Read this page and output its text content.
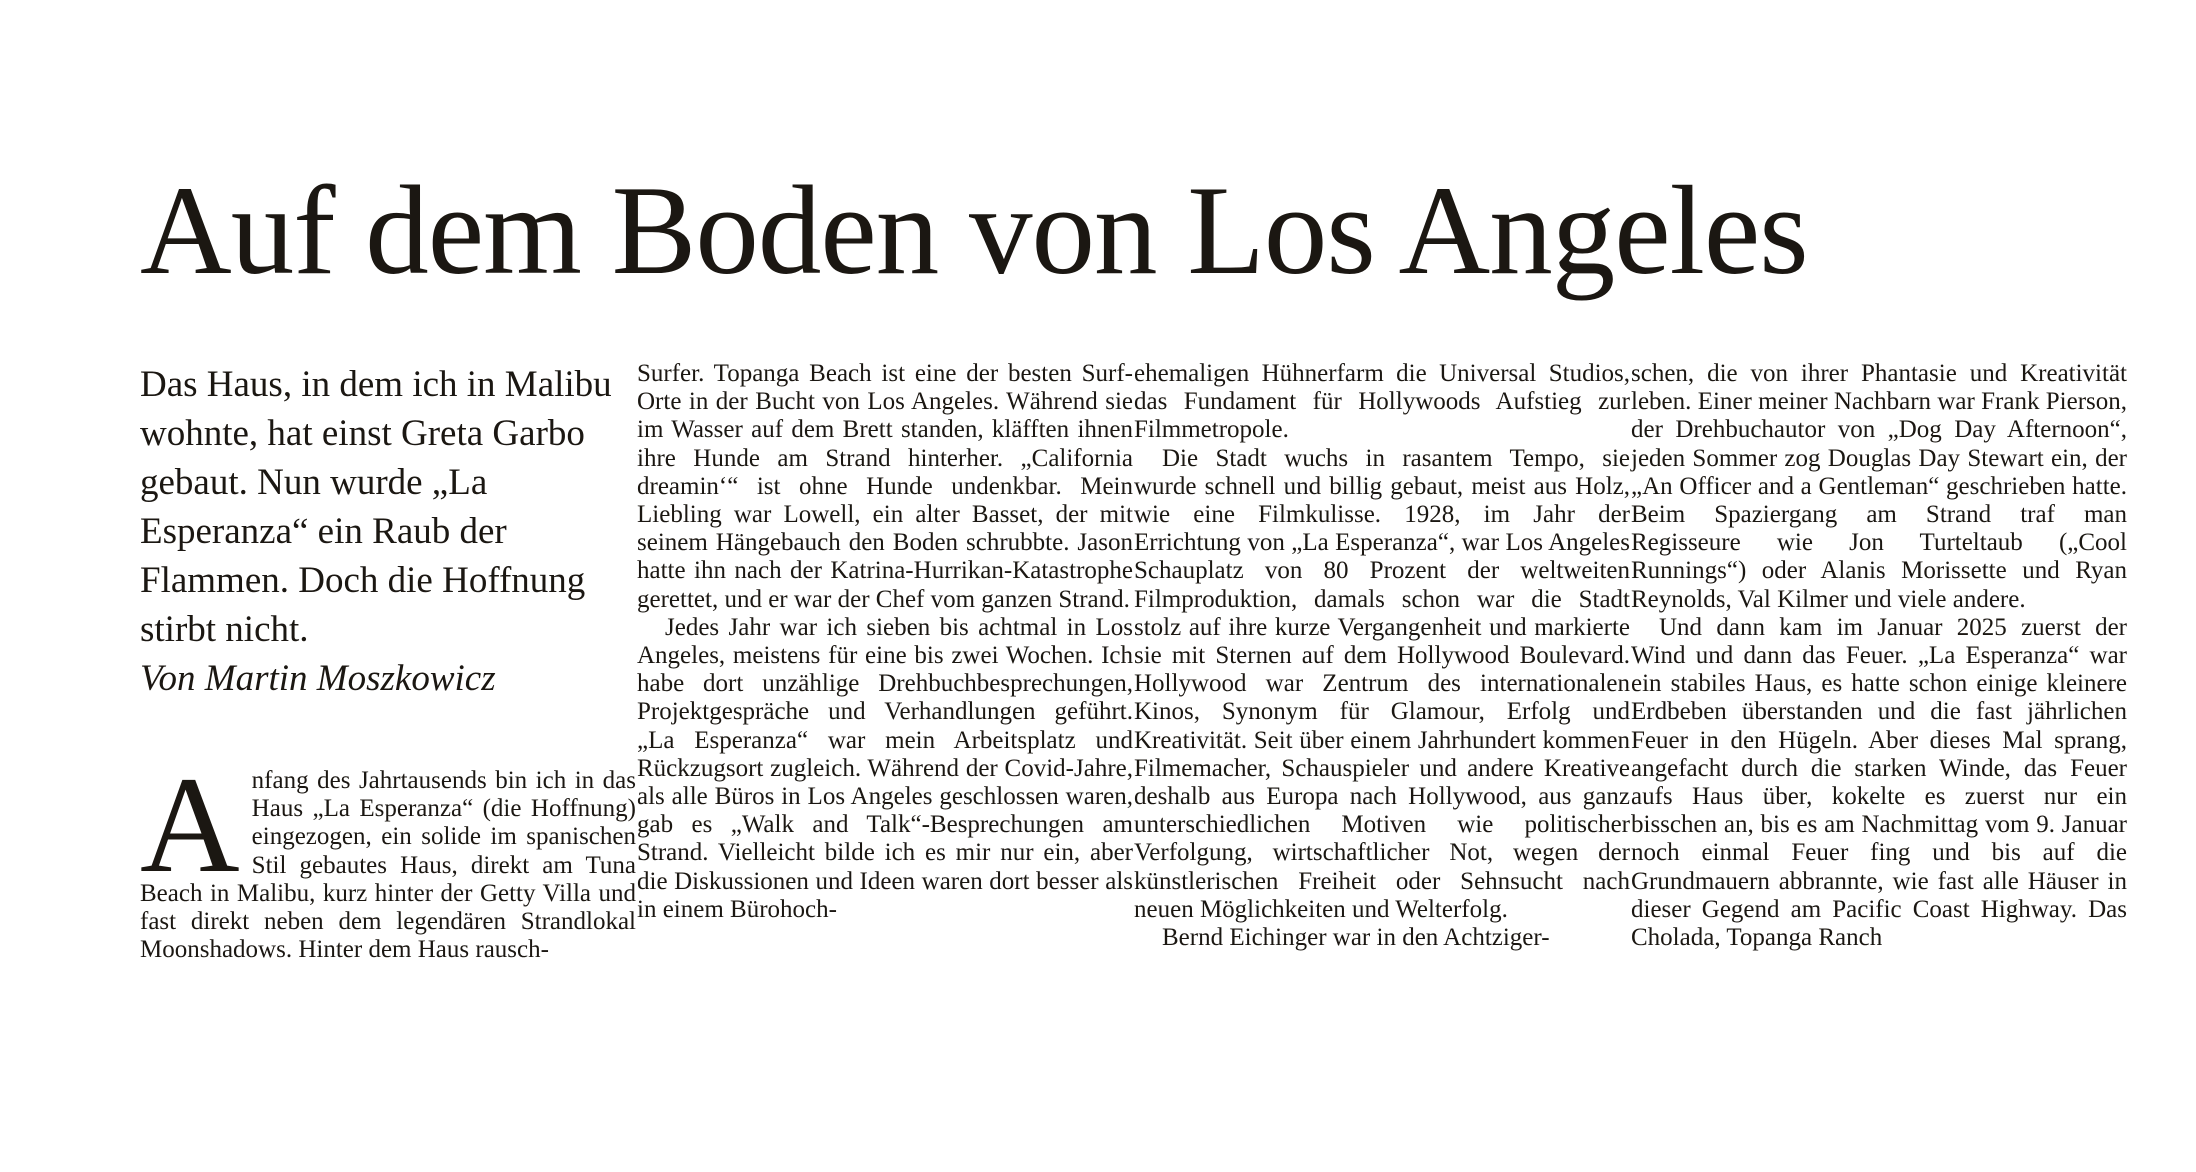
Auf dem Boden von Los Angeles

Das Haus, in dem ich in Malibu wohnte, hat einst Greta Garbo gebaut. Nun wurde „La Esperanza“ ein Raub der Flammen. Doch die Hoffnung stirbt nicht.

Von Martin Moszkowicz

Anfang des Jahrtausends bin ich in das Haus „La Esperanza“ (die Hoffnung) eingezogen, ein solide im spanischen Stil gebautes Haus, direkt am Tuna Beach in Malibu, kurz hinter der Getty Villa und fast direkt neben dem legendären Strandlokal Moonshadows. Hinter dem Haus rausch-

Surfer. Topanga Beach ist eine der besten Surf-Orte in der Bucht von Los Angeles. Während sie im Wasser auf dem Brett standen, kläfften ihnen ihre Hunde am Strand hinterher. „California dreamin‘“ ist ohne Hunde undenkbar. Mein Liebling war Lowell, ein alter Basset, der mit seinem Hängebauch den Boden schrubbte. Jason hatte ihn nach der Katrina-Hurrikan-Katastrophe gerettet, und er war der Chef vom ganzen Strand.

Jedes Jahr war ich sieben bis achtmal in Los Angeles, meistens für eine bis zwei Wochen. Ich habe dort unzählige Drehbuchbesprechungen, Projektgespräche und Verhandlungen geführt. „La Esperanza“ war mein Arbeitsplatz und Rückzugsort zugleich. Während der Covid-Jahre, als alle Büros in Los Angeles geschlossen waren, gab es „Walk and Talk“-Besprechungen am Strand. Vielleicht bilde ich es mir nur ein, aber die Diskussionen und Ideen waren dort besser als in einem Bürohoch-

ehemaligen Hühnerfarm die Universal Studios, das Fundament für Hollywoods Aufstieg zur Filmmetropole.

Die Stadt wuchs in rasantem Tempo, sie wurde schnell und billig gebaut, meist aus Holz, wie eine Filmkulisse. 1928, im Jahr der Errichtung von „La Esperanza“, war Los Angeles Schauplatz von 80 Prozent der weltweiten Filmproduktion, damals schon war die Stadt stolz auf ihre kurze Vergangenheit und markierte sie mit Sternen auf dem Hollywood Boulevard. Hollywood war Zentrum des internationalen Kinos, Synonym für Glamour, Erfolg und Kreativität. Seit über einem Jahrhundert kommen Filmemacher, Schauspieler und andere Kreative deshalb aus Europa nach Hollywood, aus ganz unterschiedlichen Motiven wie politischer Verfolgung, wirtschaftlicher Not, wegen der künstlerischen Freiheit oder Sehnsucht nach neuen Möglichkeiten und Welterfolg.

Bernd Eichinger war in den Achtziger-

schen, die von ihrer Phantasie und Kreativität leben. Einer meiner Nachbarn war Frank Pierson, der Drehbuchautor von „Dog Day Afternoon“, jeden Sommer zog Douglas Day Stewart ein, der „An Officer and a Gentleman“ geschrieben hatte. Beim Spaziergang am Strand traf man Regisseure wie Jon Turteltaub („Cool Runnings“) oder Alanis Morissette und Ryan Reynolds, Val Kilmer und viele andere.

Und dann kam im Januar 2025 zuerst der Wind und dann das Feuer. „La Esperanza“ war ein stabiles Haus, es hatte schon einige kleinere Erdbeben überstanden und die fast jährlichen Feuer in den Hügeln. Aber dieses Mal sprang, angefacht durch die starken Winde, das Feuer aufs Haus über, kokelte es zuerst nur ein bisschen an, bis es am Nachmittag vom 9. Januar noch einmal Feuer fing und bis auf die Grundmauern abbrannte, wie fast alle Häuser in dieser Gegend am Pacific Coast Highway. Das Cholada, Topanga Ranch
